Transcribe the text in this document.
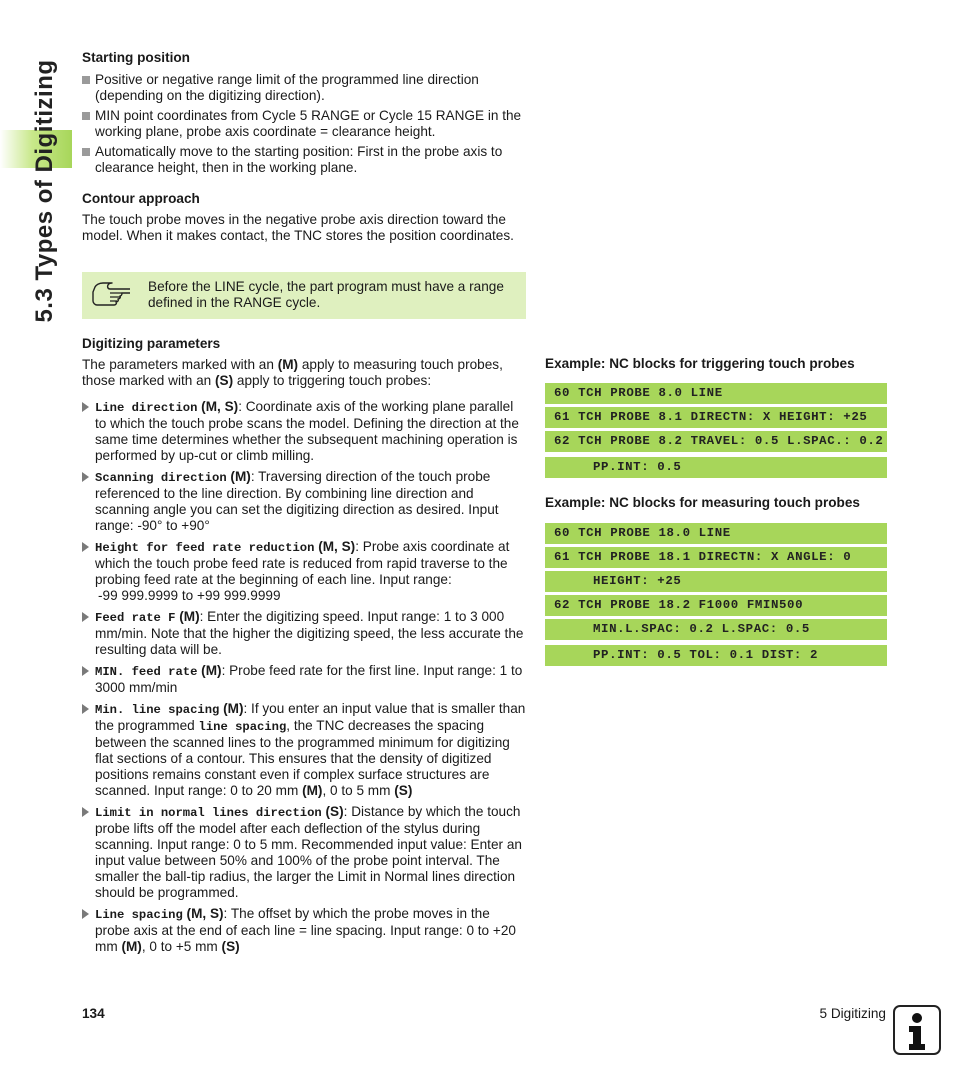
5.3 Types of Digitizing
Starting position
Positive or negative range limit of the programmed line direction (depending on the digitizing direction).
MIN point coordinates from Cycle 5 RANGE or Cycle 15 RANGE in the working plane, probe axis coordinate = clearance height.
Automatically move to the starting position: First in the probe axis to clearance height, then in the working plane.
Contour approach
The touch probe moves in the negative probe axis direction toward the model. When it makes contact, the TNC stores the position coordinates.
Before the LINE cycle, the part program must have a range defined in the RANGE cycle.
Digitizing parameters
The parameters marked with an (M) apply to measuring touch probes, those marked with an (S) apply to triggering touch probes:
Line direction (M, S): Coordinate axis of the working plane parallel to which the touch probe scans the model. Defining the direction at the same time determines whether the subsequent machining operation is performed by up-cut or climb milling.
Scanning direction (M): Traversing direction of the touch probe referenced to the line direction. By combining line direction and scanning angle you can set the digitizing direction as desired. Input range: -90° to +90°
Height for feed rate reduction (M, S): Probe axis coordinate at which the touch probe feed rate is reduced from rapid traverse to the probing feed rate at the beginning of each line. Input range:
-99 999.9999 to +99 999.9999
Feed rate F (M): Enter the digitizing speed. Input range: 1 to 3 000 mm/min. Note that the higher the digitizing speed, the less accurate the resulting data will be.
MIN. feed rate (M): Probe feed rate for the first line. Input range: 1 to 3000 mm/min
Min. line spacing (M): If you enter an input value that is smaller than the programmed line spacing, the TNC decreases the spacing between the scanned lines to the programmed minimum for digitizing flat sections of a contour. This ensures that the density of digitized positions remains constant even if complex surface structures are scanned. Input range: 0 to 20 mm (M), 0 to 5 mm (S)
Limit in normal lines direction (S): Distance by which the touch probe lifts off the model after each deflection of the stylus during scanning. Input range: 0 to 5 mm. Recommended input value: Enter an input value between 50% and 100% of the probe point interval. The smaller the ball-tip radius, the larger the Limit in Normal lines direction should be programmed.
Line spacing (M, S): The offset by which the probe moves in the probe axis at the end of each line = line spacing. Input range: 0 to +20 mm (M), 0 to +5 mm (S)
Example: NC blocks for triggering touch probes
60 TCH PROBE 8.0 LINE
61 TCH PROBE 8.1 DIRECTN: X HEIGHT: +25
62 TCH PROBE 8.2 TRAVEL: 0.5 L.SPAC.: 0.2
PP.INT: 0.5
Example: NC blocks for measuring touch probes
60 TCH PROBE 18.0 LINE
61 TCH PROBE 18.1 DIRECTN: X ANGLE: 0
HEIGHT: +25
62 TCH PROBE 18.2 F1000 FMIN500
MIN.L.SPAC: 0.2 L.SPAC: 0.5
PP.INT: 0.5 TOL: 0.1 DIST: 2
134	5 Digitizing
